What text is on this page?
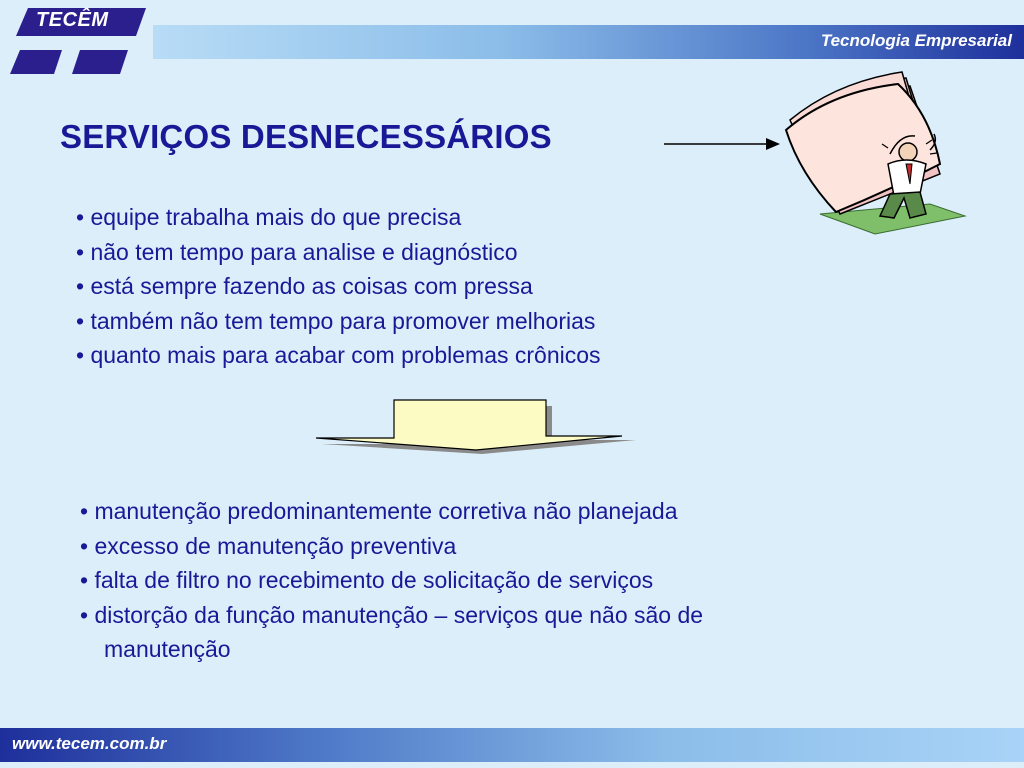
TECÊM
Tecnologia Empresarial
SERVIÇOS DESNECESSÁRIOS
• equipe trabalha mais do que precisa
• não tem tempo para analise e diagnóstico
• está sempre fazendo as coisas com pressa
• também não tem tempo para promover melhorias
• quanto mais para acabar com problemas crônicos
• manutenção predominantemente corretiva não planejada
• excesso de manutenção preventiva
• falta de filtro no recebimento de solicitação de serviços
• distorção da função manutenção – serviços que não são de
manutenção
www.tecem.com.br
